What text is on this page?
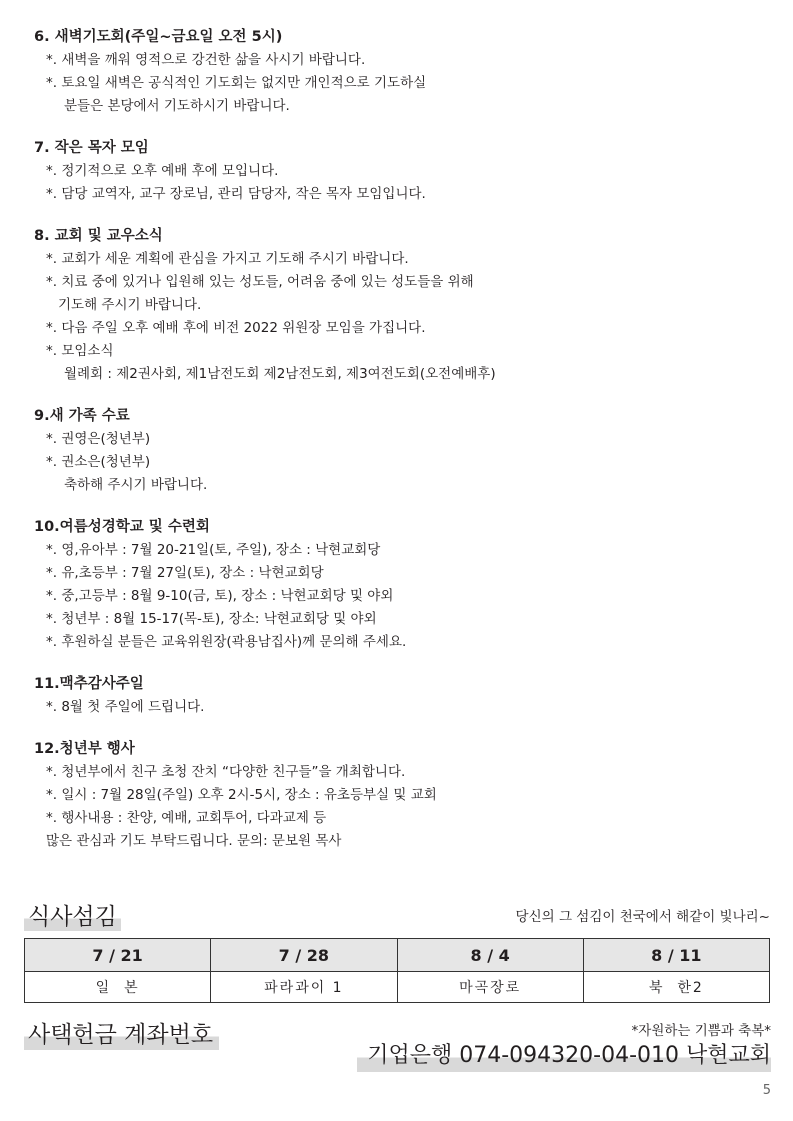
6. 새벽기도회(주일~금요일 오전 5시)
*. 새벽을 깨워 영적으로 강건한 삶을 사시기 바랍니다.
*. 토요일 새벽은 공식적인 기도회는 없지만 개인적으로 기도하실
분들은 본당에서 기도하시기 바랍니다.
7. 작은 목자 모임
*. 정기적으로 오후 예배 후에 모입니다.
*. 담당 교역자, 교구 장로님, 관리 담당자, 작은 목자 모임입니다.
8. 교회 및 교우소식
*. 교회가 세운 계획에 관심을 가지고 기도해 주시기 바랍니다.
*. 치료 중에 있거나 입원해 있는 성도들, 어려움 중에 있는 성도들을 위해
기도해 주시기 바랍니다.
*. 다음 주일 오후 예배 후에 비전 2022 위원장 모임을 가집니다.
*. 모임소식
월례회 : 제2권사회, 제1남전도회 제2남전도회, 제3여전도회(오전예배후)
9.새 가족 수료
*. 권영은(청년부)
*. 권소은(청년부)
축하해 주시기 바랍니다.
10.여름성경학교 및 수련회
*. 영,유아부 : 7월 20-21일(토, 주일), 장소 : 낙현교회당
*. 유,초등부 : 7월 27일(토), 장소 : 낙현교회당
*. 중,고등부 : 8월 9-10(금, 토), 장소 : 낙현교회당 및 야외
*. 청년부 : 8월 15-17(목-토), 장소: 낙현교회당 및 야외
*. 후원하실 분들은 교육위원장(곽용남집사)께 문의해 주세요.
11.맥추감사주일
*. 8월 첫 주일에 드립니다.
12.청년부 행사
*. 청년부에서 친구 초청 잔치 “다양한 친구들”을 개최합니다.
*. 일시 : 7월 28일(주일) 오후 2시-5시, 장소 : 유초등부실 및 교회
*. 행사내용 : 찬양, 예배, 교회투어, 다과교제 등
많은 관심과 기도 부탁드립니다. 문의: 문보원 목사
식사섬김	당신의 그 섬김이 천국에서 해같이 빛나리~
7 / 21	7 / 28	8 / 4	8 / 11
일  본	파라과이 1	마곡장로	북  한2
사택헌금 계좌번호	*자원하는 기쁨과 축복*
기업은행 074-094320-04-010 낙현교회
5
